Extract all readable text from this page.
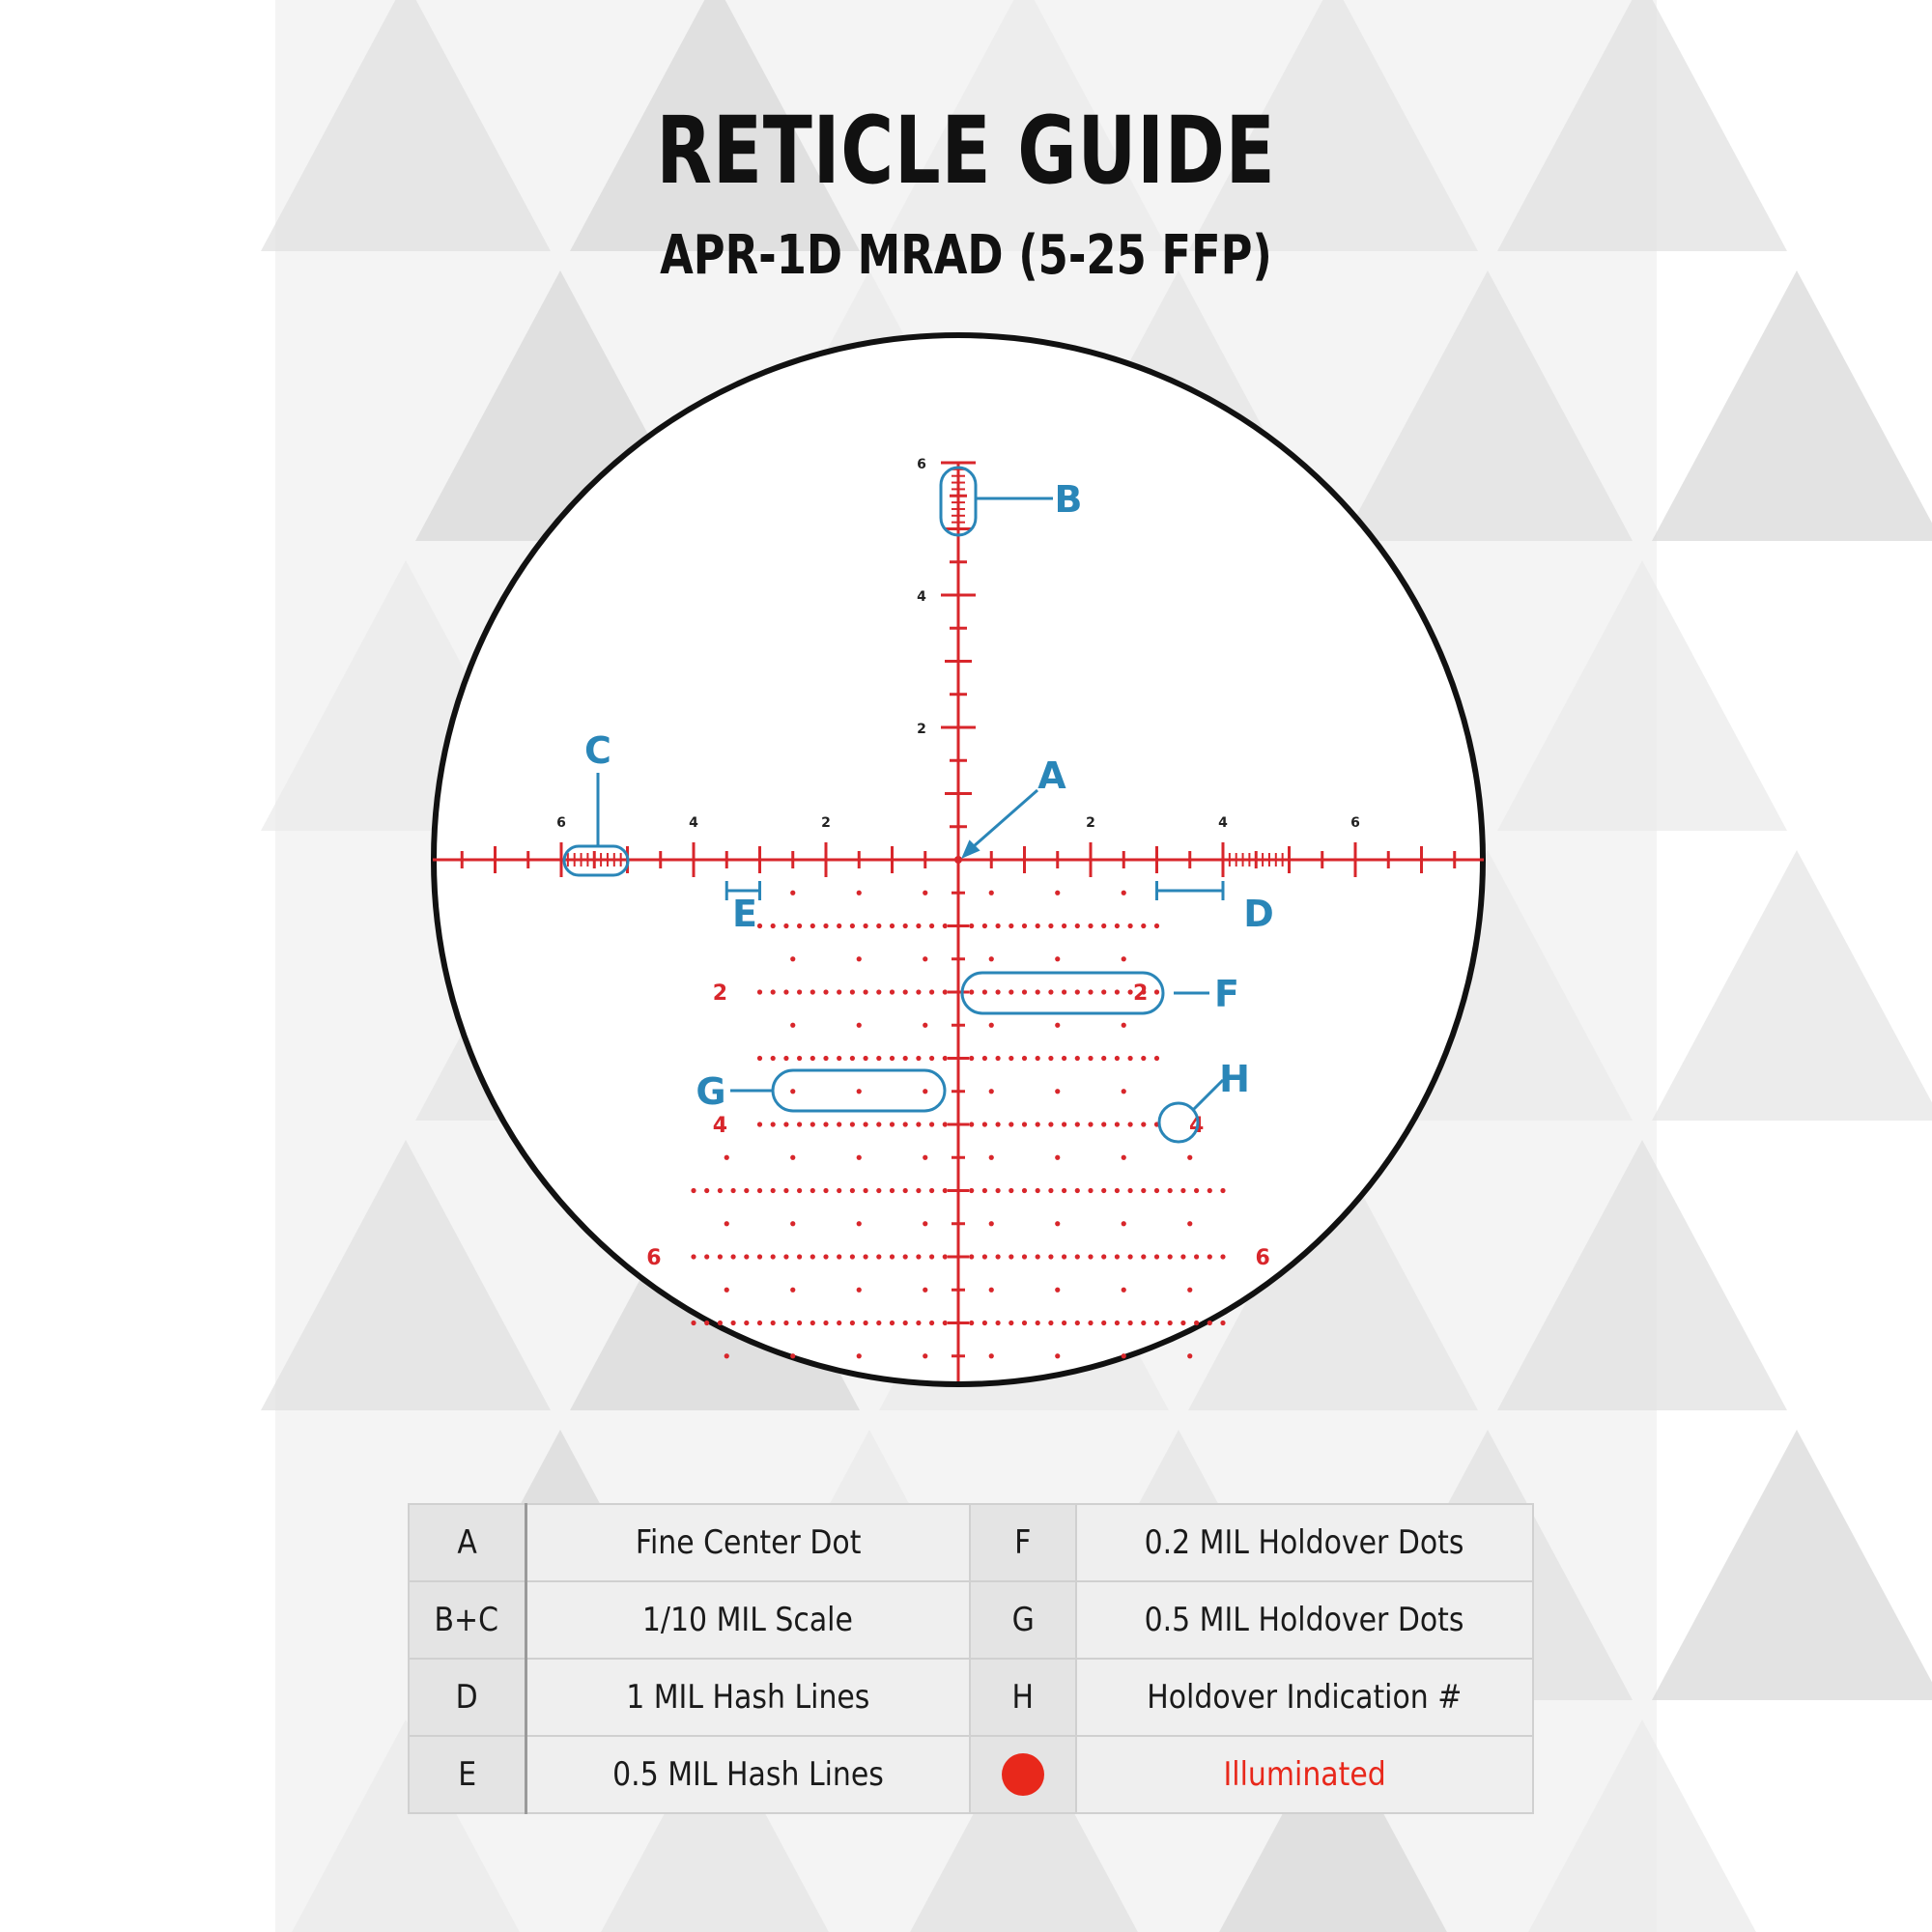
RETICLE GUIDE
APR-1D MRAD (5-25 FFP)
6
4
2
6	4	2	2	4	6
2	2
4	4
6	6
B
C
A
D
E
F
G	H
A	Fine Center Dot	F	0.2 MIL Holdover Dots
B+C	1/10 MIL Scale	G	0.5 MIL Holdover Dots
D	1 MIL Hash Lines	H	Holdover Indication #
E	0.5 MIL Hash Lines		Illuminated
